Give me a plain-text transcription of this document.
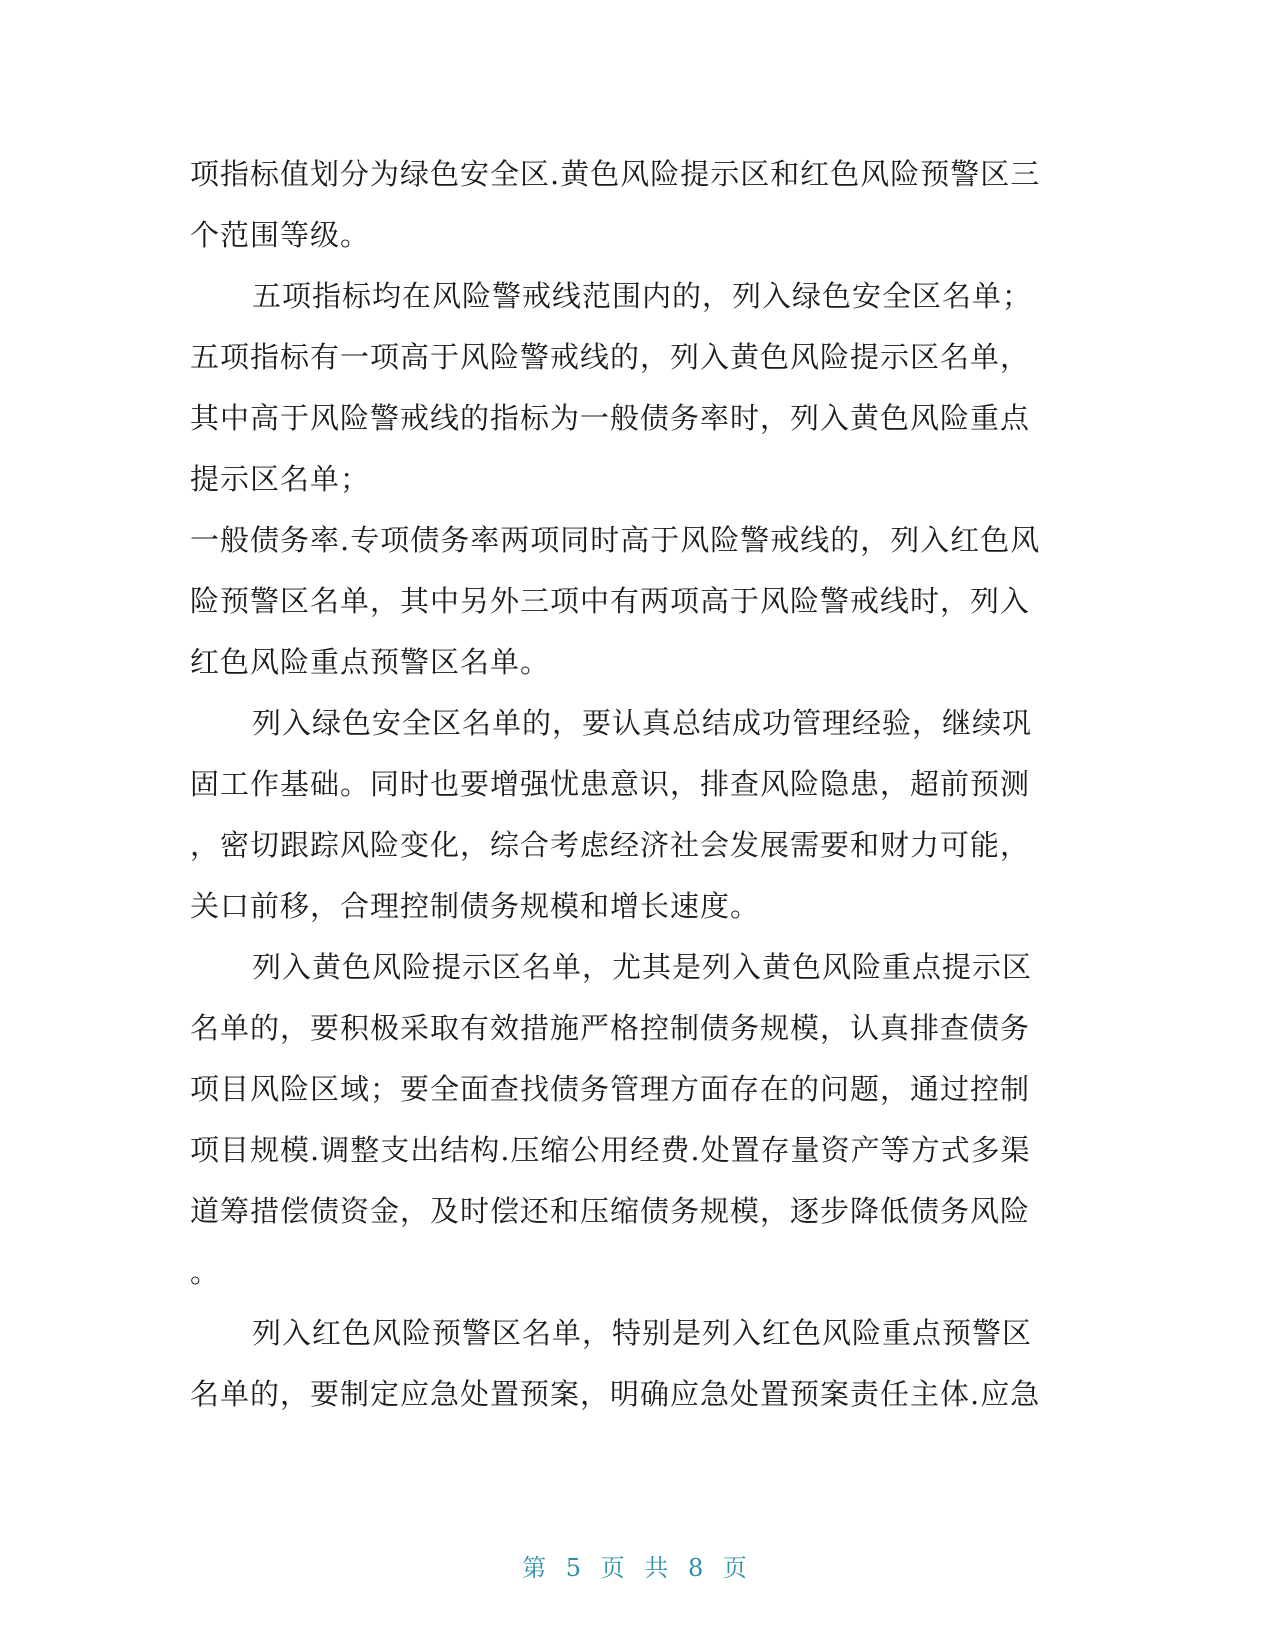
项指标值划分为绿色安全区.黄色风险提示区和红色风险预警区三
个范围等级。
五项指标均在风险警戒线范围内的，列入绿色安全区名单；
五项指标有一项高于风险警戒线的，列入黄色风险提示区名单，
其中高于风险警戒线的指标为一般债务率时，列入黄色风险重点
提示区名单；
一般债务率.专项债务率两项同时高于风险警戒线的，列入红色风
险预警区名单，其中另外三项中有两项高于风险警戒线时，列入
红色风险重点预警区名单。
列入绿色安全区名单的，要认真总结成功管理经验，继续巩
固工作基础。同时也要增强忧患意识，排查风险隐患，超前预测
，密切跟踪风险变化，综合考虑经济社会发展需要和财力可能，
关口前移，合理控制债务规模和增长速度。
列入黄色风险提示区名单，尤其是列入黄色风险重点提示区
名单的，要积极采取有效措施严格控制债务规模，认真排查债务
项目风险区域；要全面查找债务管理方面存在的问题，通过控制
项目规模.调整支出结构.压缩公用经费.处置存量资产等方式多渠
道筹措偿债资金，及时偿还和压缩债务规模，逐步降低债务风险
。
列入红色风险预警区名单，特别是列入红色风险重点预警区
名单的，要制定应急处置预案，明确应急处置预案责任主体.应急
第 5 页 共 8 页
